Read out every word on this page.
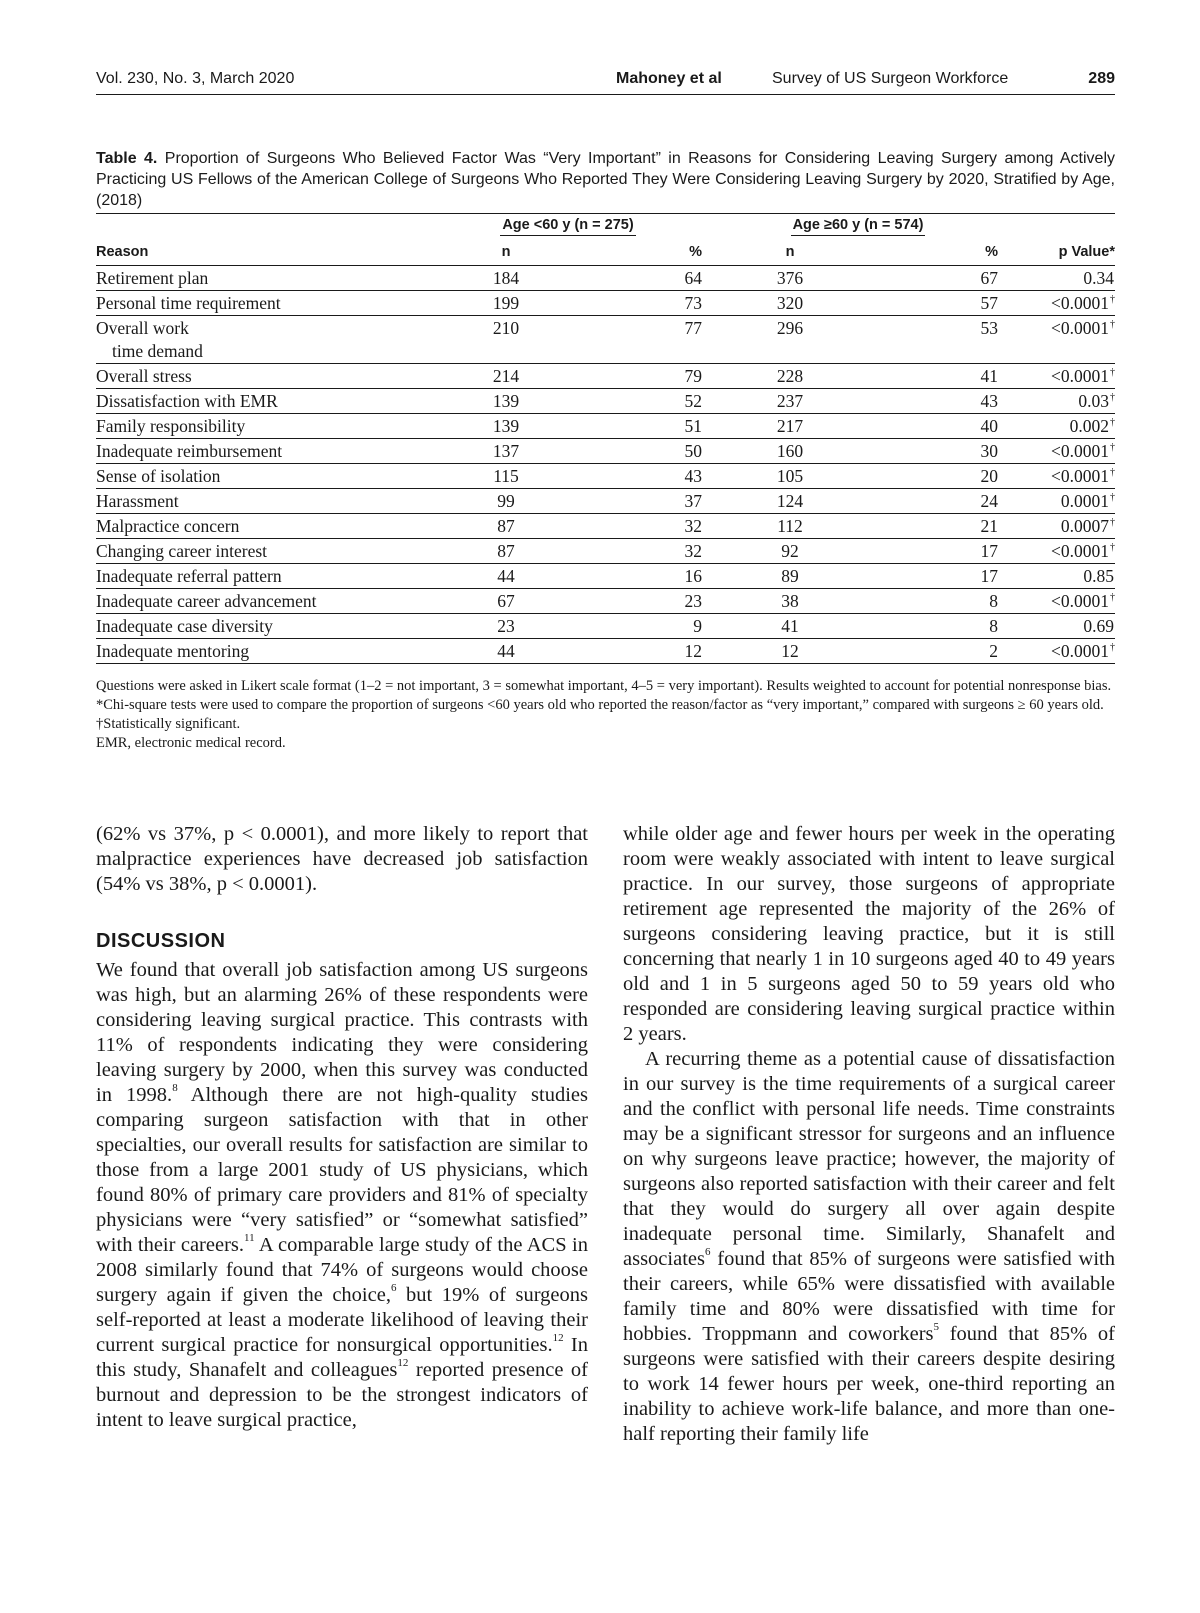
Vol. 230, No. 3, March 2020	Mahoney et al	Survey of US Surgeon Workforce	289
Table 4. Proportion of Surgeons Who Believed Factor Was “Very Important” in Reasons for Considering Leaving Surgery among Actively Practicing US Fellows of the American College of Surgeons Who Reported They Were Considering Leaving Surgery by 2020, Stratified by Age, (2018)
	Age <60 y (n = 275)		Age ≥60 y (n = 574)		
Reason	n	%	n	%	p Value*

Retirement plan	184	64	376	67	0.34

Personal time requirement	199	73	320	57	<0.0001†

Overall work
time demand	210	77	296	53	<0.0001†

Overall stress	214	79	228	41	<0.0001†

Dissatisfaction with EMR	139	52	237	43	0.03†

Family responsibility	139	51	217	40	0.002†

Inadequate reimbursement	137	50	160	30	<0.0001†

Sense of isolation	115	43	105	20	<0.0001†

Harassment	99	37	124	24	0.0001†

Malpractice concern	87	32	112	21	0.0007†

Changing career interest	87	32	92	17	<0.0001†

Inadequate referral pattern	44	16	89	17	0.85

Inadequate career advancement	67	23	38	8	<0.0001†

Inadequate case diversity	23	9	41	8	0.69

Inadequate mentoring	44	12	12	2	<0.0001†

Questions were asked in Likert scale format (1–2 = not important, 3 = somewhat important, 4–5 = very important). Results weighted to account for potential nonresponse bias.

*Chi-square tests were used to compare the proportion of surgeons <60 years old who reported the reason/factor as “very important,” compared with surgeons ≥ 60 years old.

†Statistically significant.

EMR, electronic medical record.

(62% vs 37%, p < 0.0001), and more likely to report that malpractice experiences have decreased job satisfaction (54% vs 38%, p < 0.0001).

DISCUSSION

We found that overall job satisfaction among US surgeons was high, but an alarming 26% of these respondents were considering leaving surgical practice. This contrasts with 11% of respondents indicating they were considering leaving surgery by 2000, when this survey was conducted in 1998.$^8$ Although there are not high-quality studies comparing surgeon satisfaction with that in other specialties, our overall results for satisfaction are similar to those from a large 2001 study of US physicians, which found 80% of primary care providers and 81% of specialty physicians were “very satisfied” or “somewhat satisfied” with their careers.$^{11}$ A comparable large study of the ACS in 2008 similarly found that 74% of surgeons would choose surgery again if given the choice,$^6$ but 19% of surgeons self-reported at least a moderate likelihood of leaving their current surgical practice for nonsurgical opportunities.$^{12}$ In this study, Shanafelt and colleagues$^{12}$ reported presence of burnout and depression to be the strongest indicators of intent to leave surgical practice,

while older age and fewer hours per week in the operating room were weakly associated with intent to leave surgical practice. In our survey, those surgeons of appropriate retirement age represented the majority of the 26% of surgeons considering leaving practice, but it is still concerning that nearly 1 in 10 surgeons aged 40 to 49 years old and 1 in 5 surgeons aged 50 to 59 years old who responded are considering leaving surgical practice within 2 years.

A recurring theme as a potential cause of dissatisfaction in our survey is the time requirements of a surgical career and the conflict with personal life needs. Time constraints may be a significant stressor for surgeons and an influence on why surgeons leave practice; however, the majority of surgeons also reported satisfaction with their career and felt that they would do surgery all over again despite inadequate personal time. Similarly, Shanafelt and associates$^6$ found that 85% of surgeons were satisfied with their careers, while 65% were dissatisfied with available family time and 80% were dissatisfied with time for hobbies. Troppmann and coworkers$^5$ found that 85% of surgeons were satisfied with their careers despite desiring to work 14 fewer hours per week, one-third reporting an inability to achieve work-life balance, and more than one-half reporting their family life
